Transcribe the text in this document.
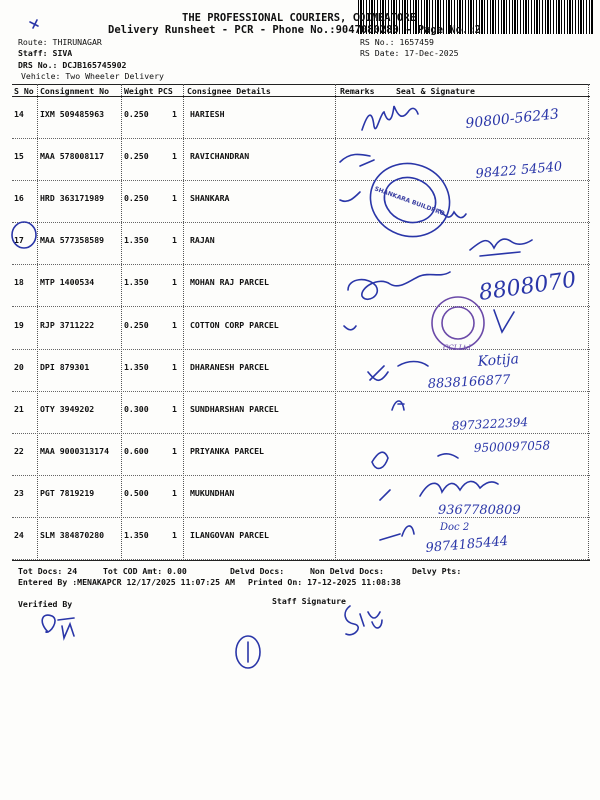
THE PROFESSIONAL COURIERS, COIMBATORE
Delivery Runsheet - PCR - Phone No.:9047080280 - Page No.:2
Route: THIRUNAGAR
Staff: SIVA
DRS No.: DCJB165745902
Vehicle: Two Wheeler Delivery
RS No.: 1657459
RS Date: 17-Dec-2025
S No Consignment No Weight PCS Consignee Details	Remarks	Seal & Signature
14 IXM 509485963 0.250	1 HARIESH
15 MAA 578008117 0.250	1 RAVICHANDRAN
16 HRD 363171989 0.250	1 SHANKARA
17 MAA 577358589 1.350	1 RAJAN
18 MTP 1400534	1.350	1 MOHAN RAJ PARCEL
19 RJP 3711222	0.250	1 COTTON CORP PARCEL
20 DPI 879301	1.350	1 DHARANESH PARCEL
21 OTY 3949202	0.300	1 SUNDHARSHAN PARCEL
22 MAA 9000313174 0.600	1 PRIYANKA PARCEL
23 PGT 7819219	0.500	1 MUKUNDHAN
24 SLM 384870280 1.350	1 ILANGOVAN PARCEL
Tot Docs: 24	Tot COD Amt: 0.00	Delvd Docs:	Non Delvd Docs:	Delvy Pts:
Entered By :MENAKAPCR 12/17/2025 11:07:25 AM Printed On: 17-12-2025 11:08:38
Verified By	Staff Signature
90800-56243
98422 54540
8808070
Kotija
8838166877
8973222394
9500097058
9367780809
Doc 2
9874185444
SHANKARA BUILDPRO
CCI Ltd.
